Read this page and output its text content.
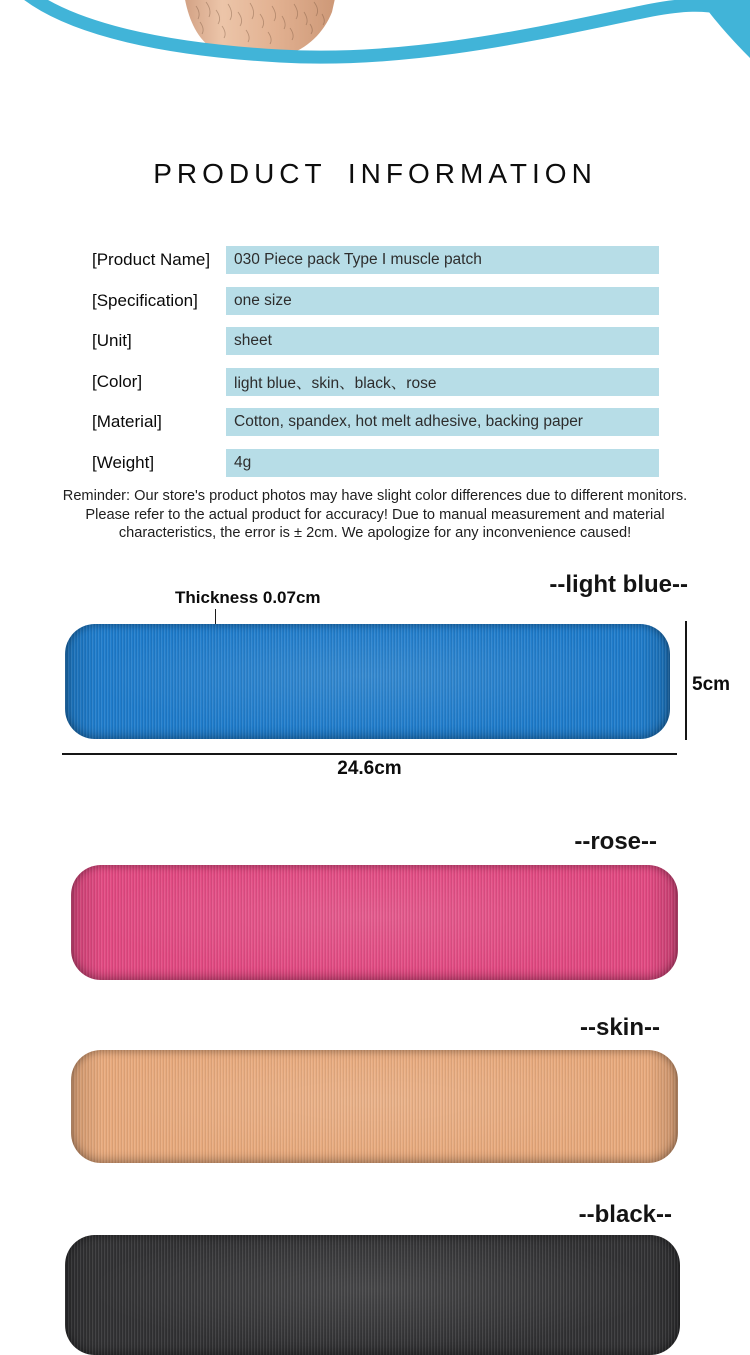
PRODUCT INFORMATION
[Product Name]	030 Piece pack Type I muscle patch
[Specification]	one size
[Unit]	sheet
[Color]	light blue、skin、black、rose
[Material]	Cotton, spandex, hot melt adhesive, backing paper
[Weight]	4g
Reminder: Our store's product photos may have slight color differences due to different monitors. Please refer to the actual product for accuracy! Due to manual measurement and material characteristics, the error is ± 2cm. We apologize for any inconvenience caused!
--light blue--
Thickness 0.07cm
5cm
24.6cm
--rose--
--skin--
--black--
